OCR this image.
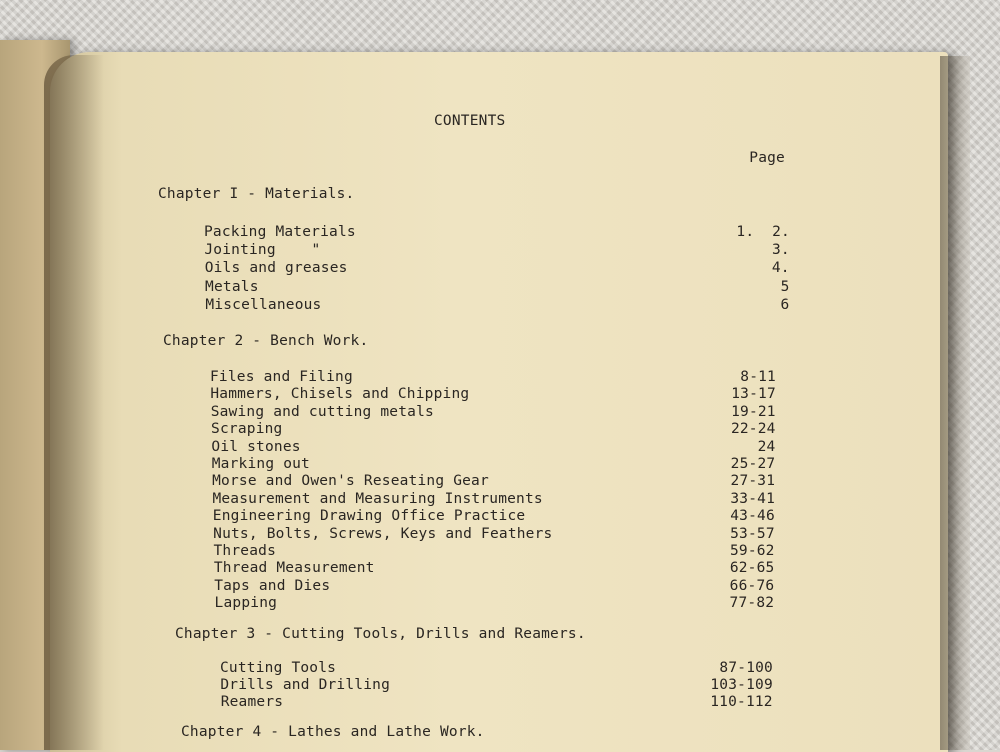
CONTENTS
Page
Chapter I - Materials.
Packing Materials	1.  2.
Jointing    "	3.
Oils and greases	4.
Metals	5
Miscellaneous	6
Chapter 2 - Bench Work.
Files and Filing	8-11
Hammers, Chisels and Chipping	13-17
Sawing and cutting metals	19-21
Scraping	22-24
Oil stones	24
Marking out	25-27
Morse and Owen's Reseating Gear	27-31
Measurement and Measuring Instruments	33-41
Engineering Drawing Office Practice	43-46
Nuts, Bolts, Screws, Keys and Feathers	53-57
Threads	59-62
Thread Measurement	62-65
Taps and Dies	66-76
Lapping	77-82
Chapter 3 - Cutting Tools, Drills and Reamers.
Cutting Tools	87-100
Drills and Drilling	103-109
Reamers	110-112
Chapter 4 - Lathes and Lathe Work.
